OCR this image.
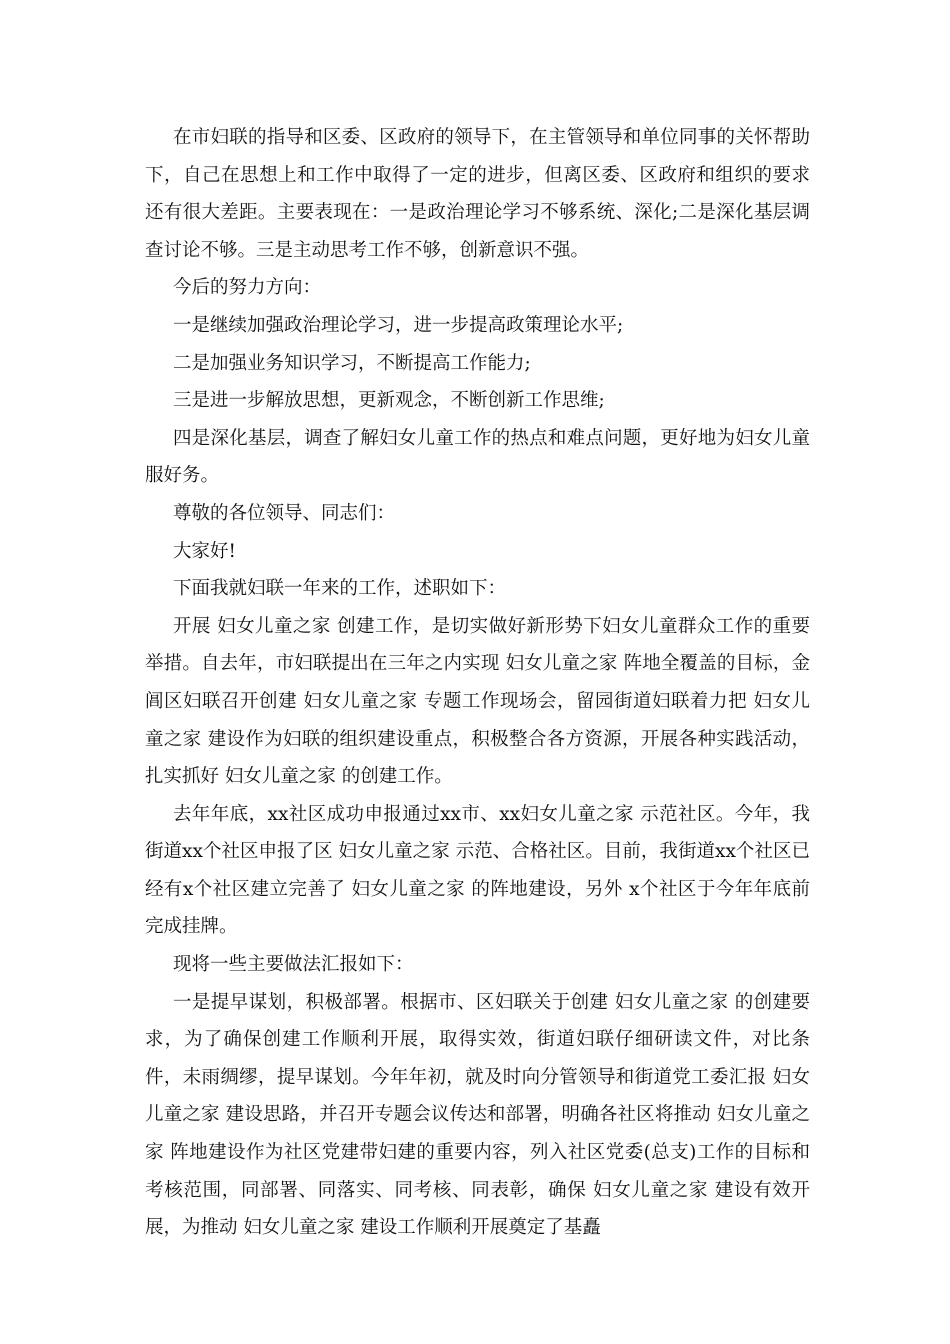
在市妇联的指导和区委、区政府的领导下，在主管领导和单位同事的关怀帮助下，自己在思想上和工作中取得了一定的进步，但离区委、区政府和组织的要求还有很大差距。主要表现在：一是政治理论学习不够系统、深化;二是深化基层调查讨论不够。三是主动思考工作不够，创新意识不强。

今后的努力方向：

一是继续加强政治理论学习，进一步提高政策理论水平;

二是加强业务知识学习，不断提高工作能力;

三是进一步解放思想，更新观念，不断创新工作思维;

四是深化基层，调查了解妇女儿童工作的热点和难点问题，更好地为妇女儿童服好务。

尊敬的各位领导、同志们：

大家好!

下面我就妇联一年来的工作，述职如下：

开展 妇女儿童之家 创建工作，是切实做好新形势下妇女儿童群众工作的重要举措。自去年，市妇联提出在三年之内实现 妇女儿童之家 阵地全覆盖的目标，金阊区妇联召开创建 妇女儿童之家 专题工作现场会，留园街道妇联着力把 妇女儿童之家 建设作为妇联的组织建设重点，积极整合各方资源，开展各种实践活动，扎实抓好 妇女儿童之家 的创建工作。

去年年底，xx社区成功申报通过xx市、xx妇女儿童之家 示范社区。今年，我街道xx个社区申报了区 妇女儿童之家 示范、合格社区。目前，我街道xx个社区已经有x个社区建立完善了 妇女儿童之家 的阵地建设，另外 x个社区于今年年底前完成挂牌。

现将一些主要做法汇报如下：

一是提早谋划，积极部署。根据市、区妇联关于创建 妇女儿童之家 的创建要求，为了确保创建工作顺利开展，取得实效，街道妇联仔细研读文件，对比条件，未雨绸缪，提早谋划。今年年初，就及时向分管领导和街道党工委汇报 妇女儿童之家 建设思路，并召开专题会议传达和部署，明确各社区将推动 妇女儿童之家 阵地建设作为社区党建带妇建的重要内容，列入社区党委(总支)工作的目标和考核范围，同部署、同落实、同考核、同表彰，确保 妇女儿童之家 建设有效开展，为推动 妇女儿童之家 建设工作顺利开展奠定了基矗
